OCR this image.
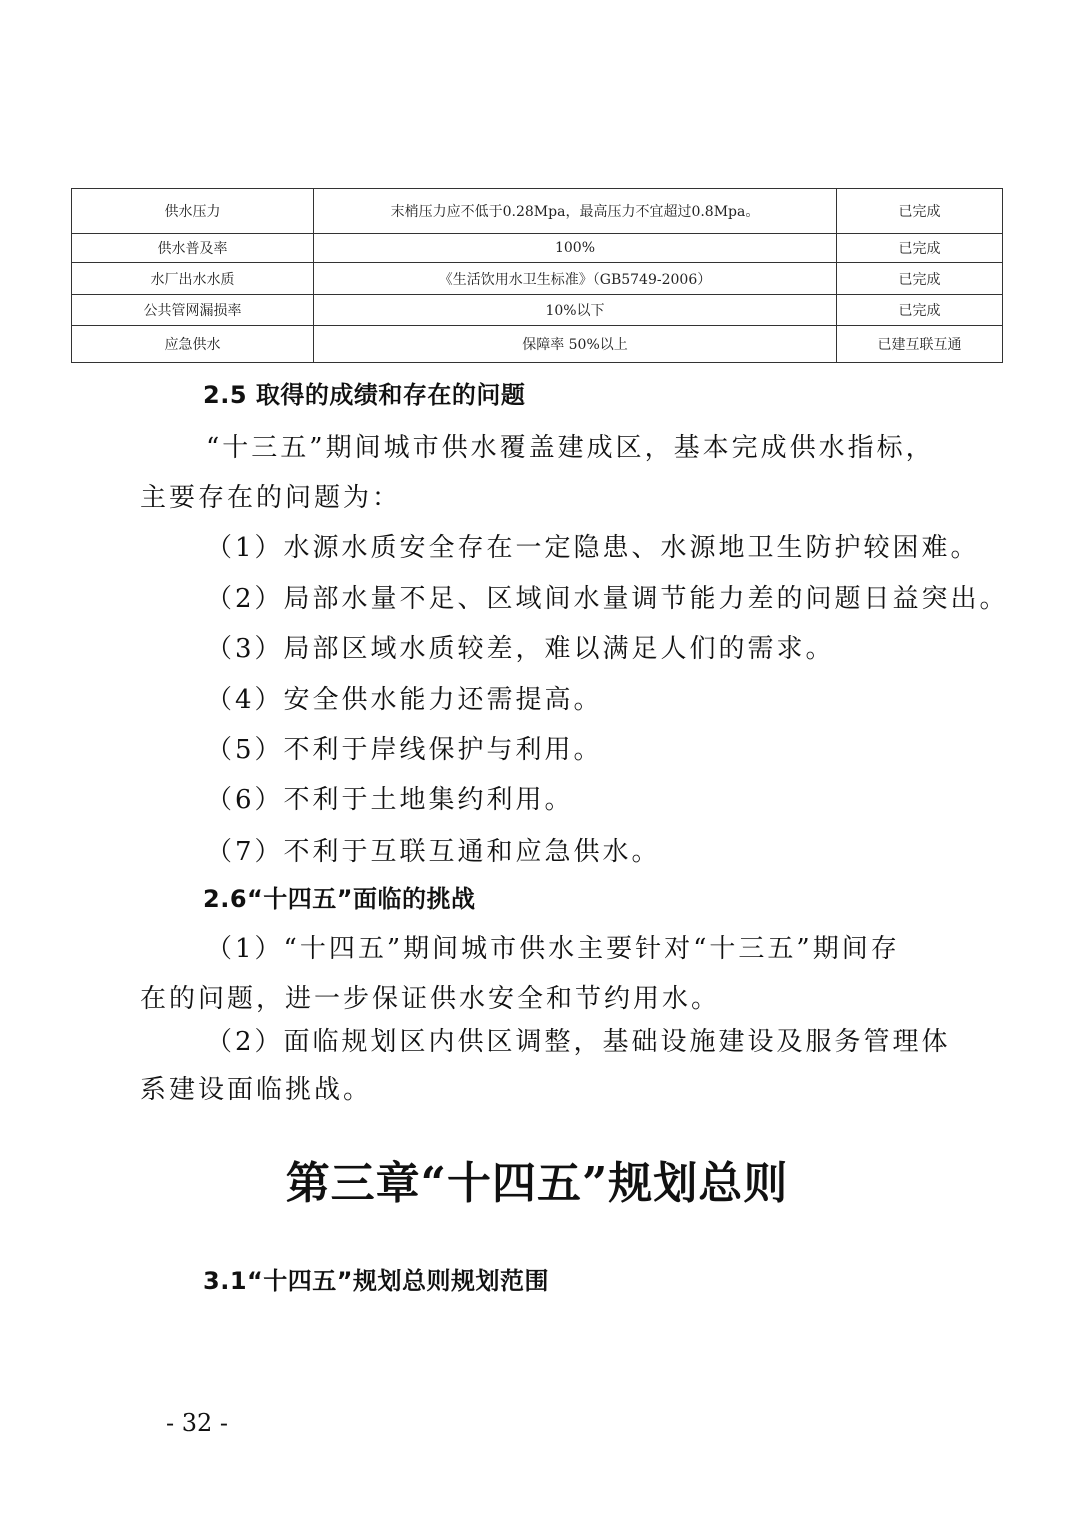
供水压力	末梢压力应不低于0.28Mpa，最高压力不宜超过0.8Mpa。	已完成
供水普及率	100%	已完成
水厂出水水质	《生活饮用水卫生标准》（GB5749-2006）	已完成
公共管网漏损率	10%以下	已完成
应急供水	保障率 50%以上	已建互联互通
2.5 取得的成绩和存在的问题
“十三五”期间城市供水覆盖建成区，基本完成供水指标，
主要存在的问题为：
（1）水源水质安全存在一定隐患、水源地卫生防护较困难。
（2）局部水量不足、区域间水量调节能力差的问题日益突出。
（3）局部区域水质较差，难以满足人们的需求。
（4）安全供水能力还需提高。
（5）不利于岸线保护与利用。
（6）不利于土地集约利用。
（7）不利于互联互通和应急供水。
2.6“十四五”面临的挑战
（1）“十四五”期间城市供水主要针对“十三五”期间存
在的问题，进一步保证供水安全和节约用水。
（2）面临规划区内供区调整，基础设施建设及服务管理体
系建设面临挑战。
第三章“十四五”规划总则
3.1“十四五”规划总则规划范围
- 32 -
